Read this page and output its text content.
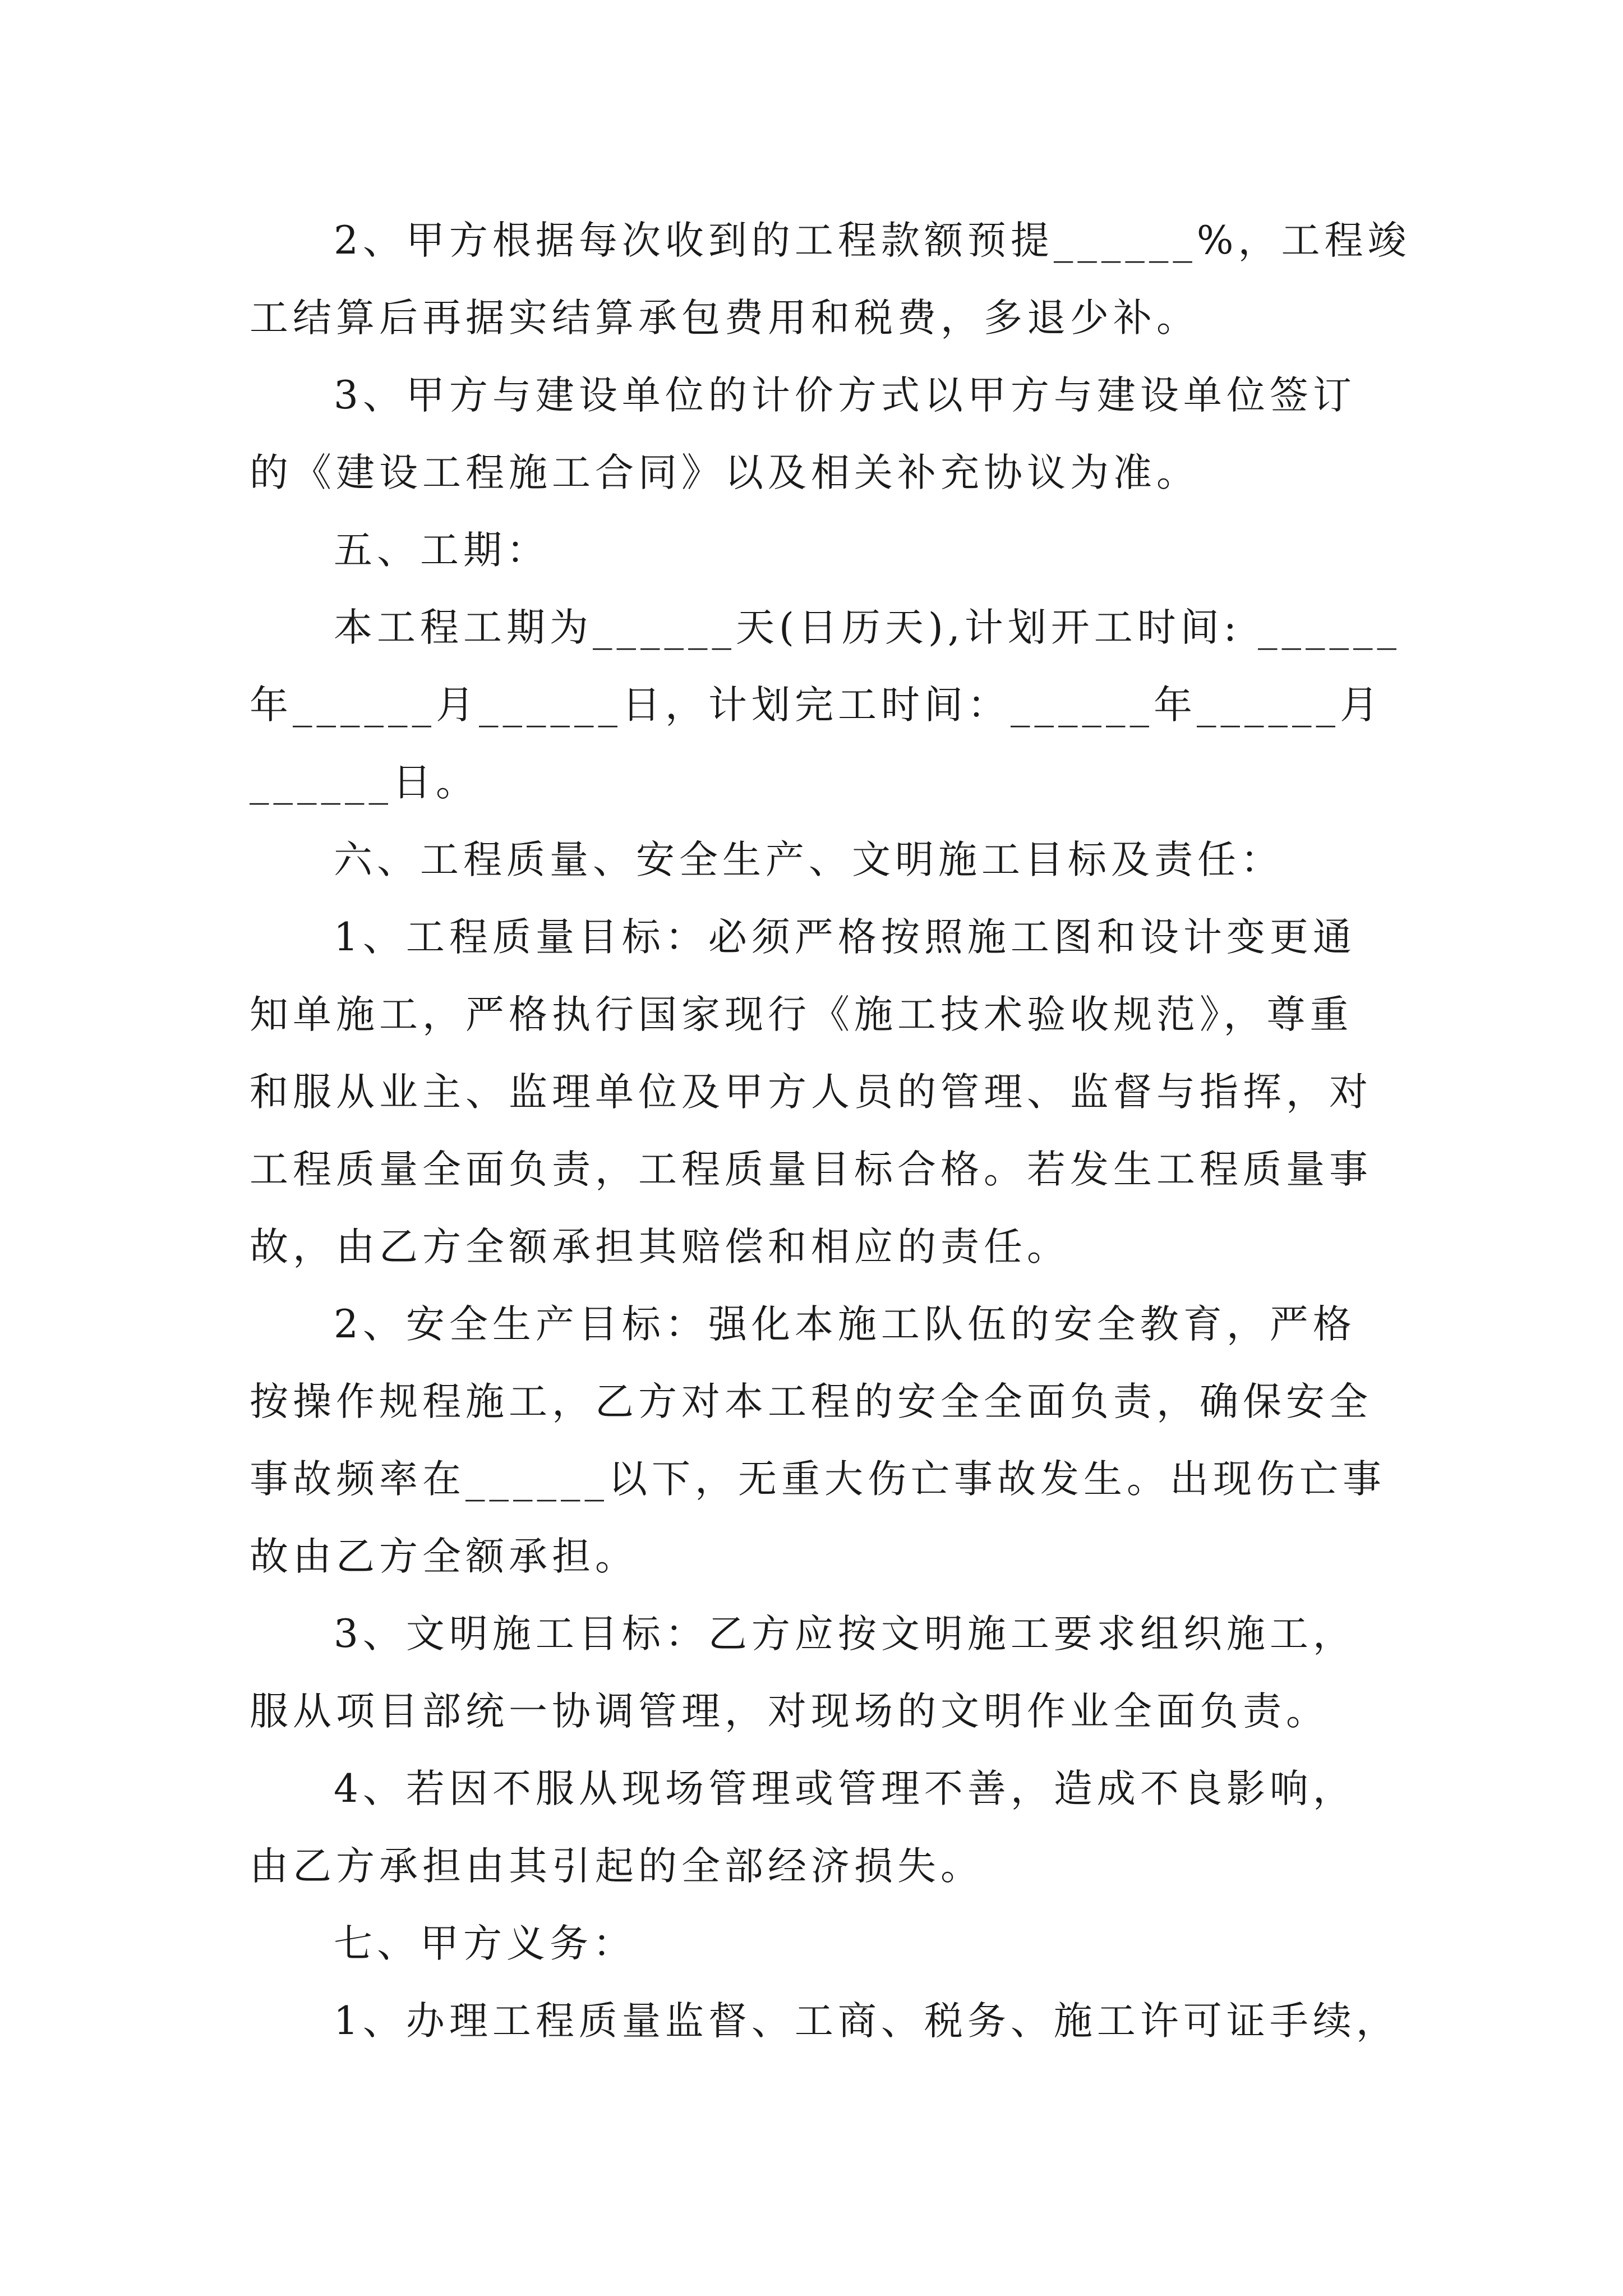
2、甲方根据每次收到的工程款额预提______%，工程竣
工结算后再据实结算承包费用和税费，多退少补。
3、甲方与建设单位的计价方式以甲方与建设单位签订
的《建设工程施工合同》以及相关补充协议为准。
五、工期：
本工程工期为______天(日历天),计划开工时间: ______
年______月______日，计划完工时间：______年______月
______日。
六、工程质量、安全生产、文明施工目标及责任：
1、工程质量目标：必须严格按照施工图和设计变更通
知单施工，严格执行国家现行《施工技术验收规范》，尊重
和服从业主、监理单位及甲方人员的管理、监督与指挥，对
工程质量全面负责，工程质量目标合格。若发生工程质量事
故，由乙方全额承担其赔偿和相应的责任。
2、安全生产目标：强化本施工队伍的安全教育，严格
按操作规程施工，乙方对本工程的安全全面负责，确保安全
事故频率在______以下，无重大伤亡事故发生。出现伤亡事
故由乙方全额承担。
3、文明施工目标：乙方应按文明施工要求组织施工，
服从项目部统一协调管理，对现场的文明作业全面负责。
4、若因不服从现场管理或管理不善，造成不良影响，
由乙方承担由其引起的全部经济损失。
七、甲方义务：
1、办理工程质量监督、工商、税务、施工许可证手续，
